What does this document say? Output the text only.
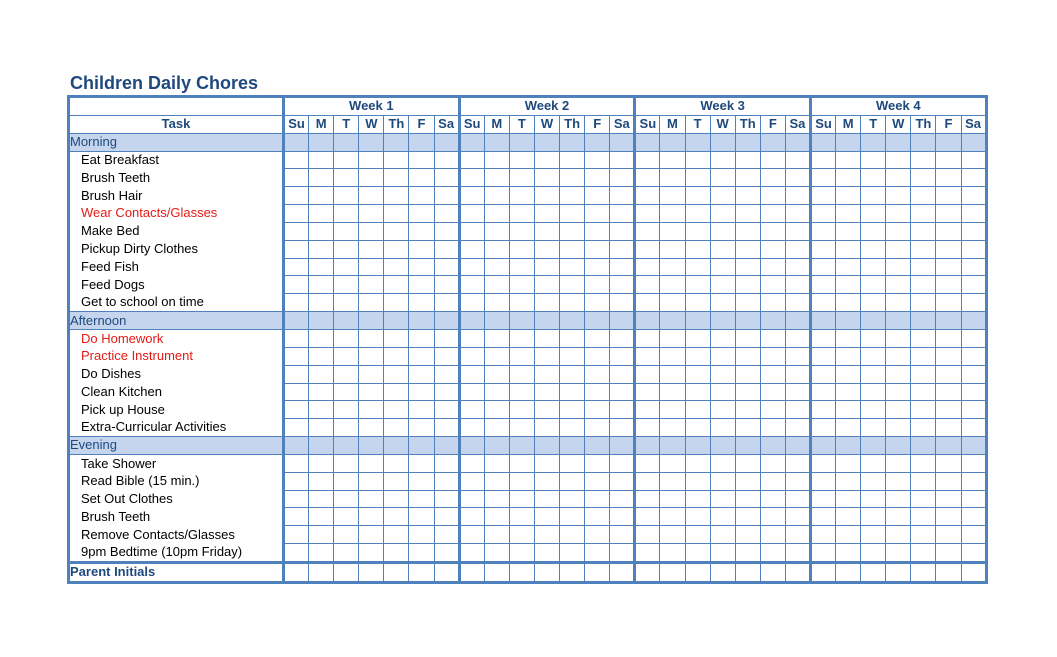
Children Daily Chores
	Week 1							Week 2							Week 3							Week 4						
Task	Su	M	T	W	Th	F	Sa	Su	M	T	W	Th	F	Sa	Su	M	T	W	Th	F	Sa	Su	M	T	W	Th	F	Sa
Morning																												
Eat Breakfast																												
Brush Teeth																												
Brush Hair																												
Wear Contacts/Glasses																												
Make Bed																												
Pickup Dirty Clothes																												
Feed Fish																												
Feed Dogs																												
Get to school on time																												
Afternoon																												
Do Homework																												
Practice Instrument																												
Do Dishes																												
Clean Kitchen																												
Pick up House																												
Extra-Curricular Activities																												
Evening																												
Take Shower																												
Read Bible (15 min.)																												
Set Out Clothes																												
Brush Teeth																												
Remove Contacts/Glasses																												
9pm Bedtime (10pm Friday)																												
Parent Initials																												
